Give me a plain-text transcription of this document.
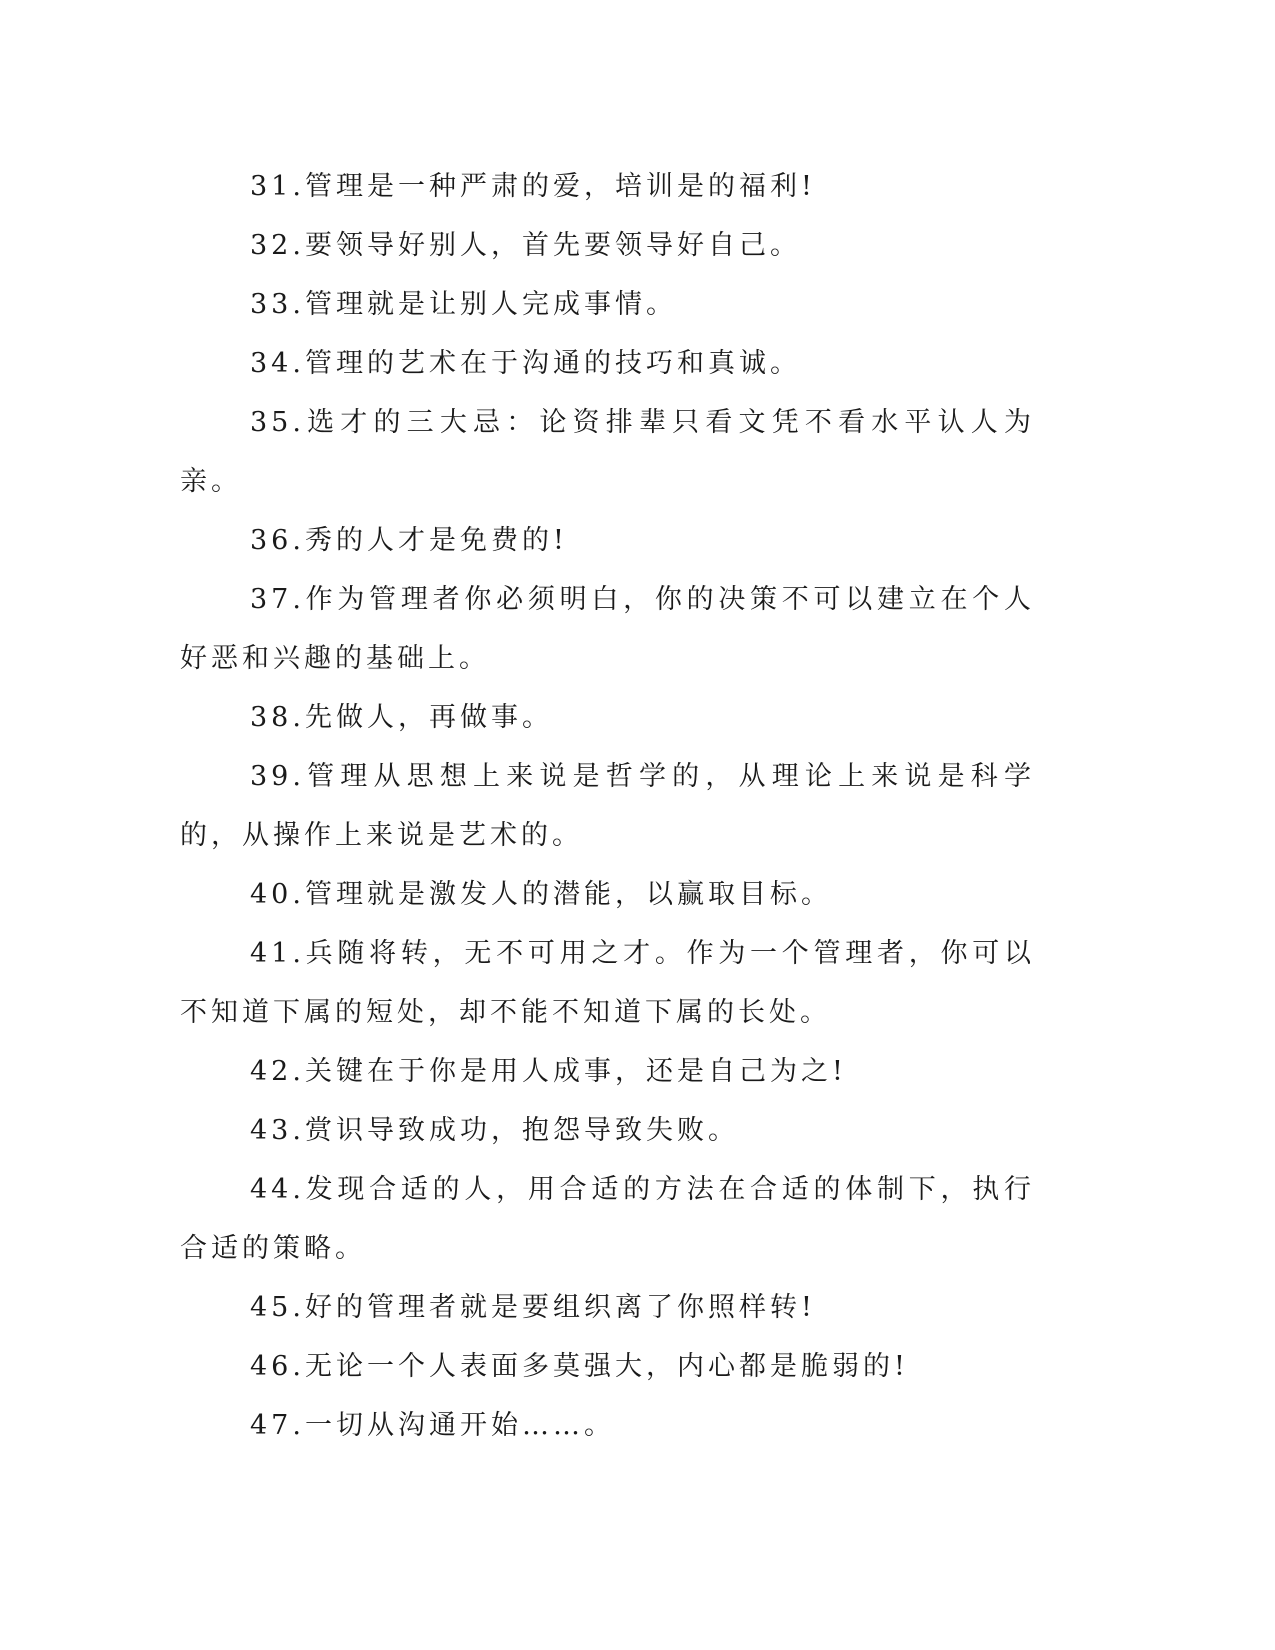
31.管理是一种严肃的爱，培训是的福利!

32.要领导好别人，首先要领导好自己。

33.管理就是让别人完成事情。

34.管理的艺术在于沟通的技巧和真诚。

35.选才的三大忌：论资排辈只看文凭不看水平认人为亲。

36.秀的人才是免费的!

37.作为管理者你必须明白，你的决策不可以建立在个人好恶和兴趣的基础上。

38.先做人，再做事。

39.管理从思想上来说是哲学的，从理论上来说是科学的，从操作上来说是艺术的。

40.管理就是激发人的潜能，以赢取目标。

41.兵随将转，无不可用之才。作为一个管理者，你可以不知道下属的短处，却不能不知道下属的长处。

42.关键在于你是用人成事，还是自己为之!

43.赏识导致成功，抱怨导致失败。

44.发现合适的人，用合适的方法在合适的体制下，执行合适的策略。

45.好的管理者就是要组织离了你照样转!

46.无论一个人表面多莫强大，内心都是脆弱的!

47.一切从沟通开始……。
